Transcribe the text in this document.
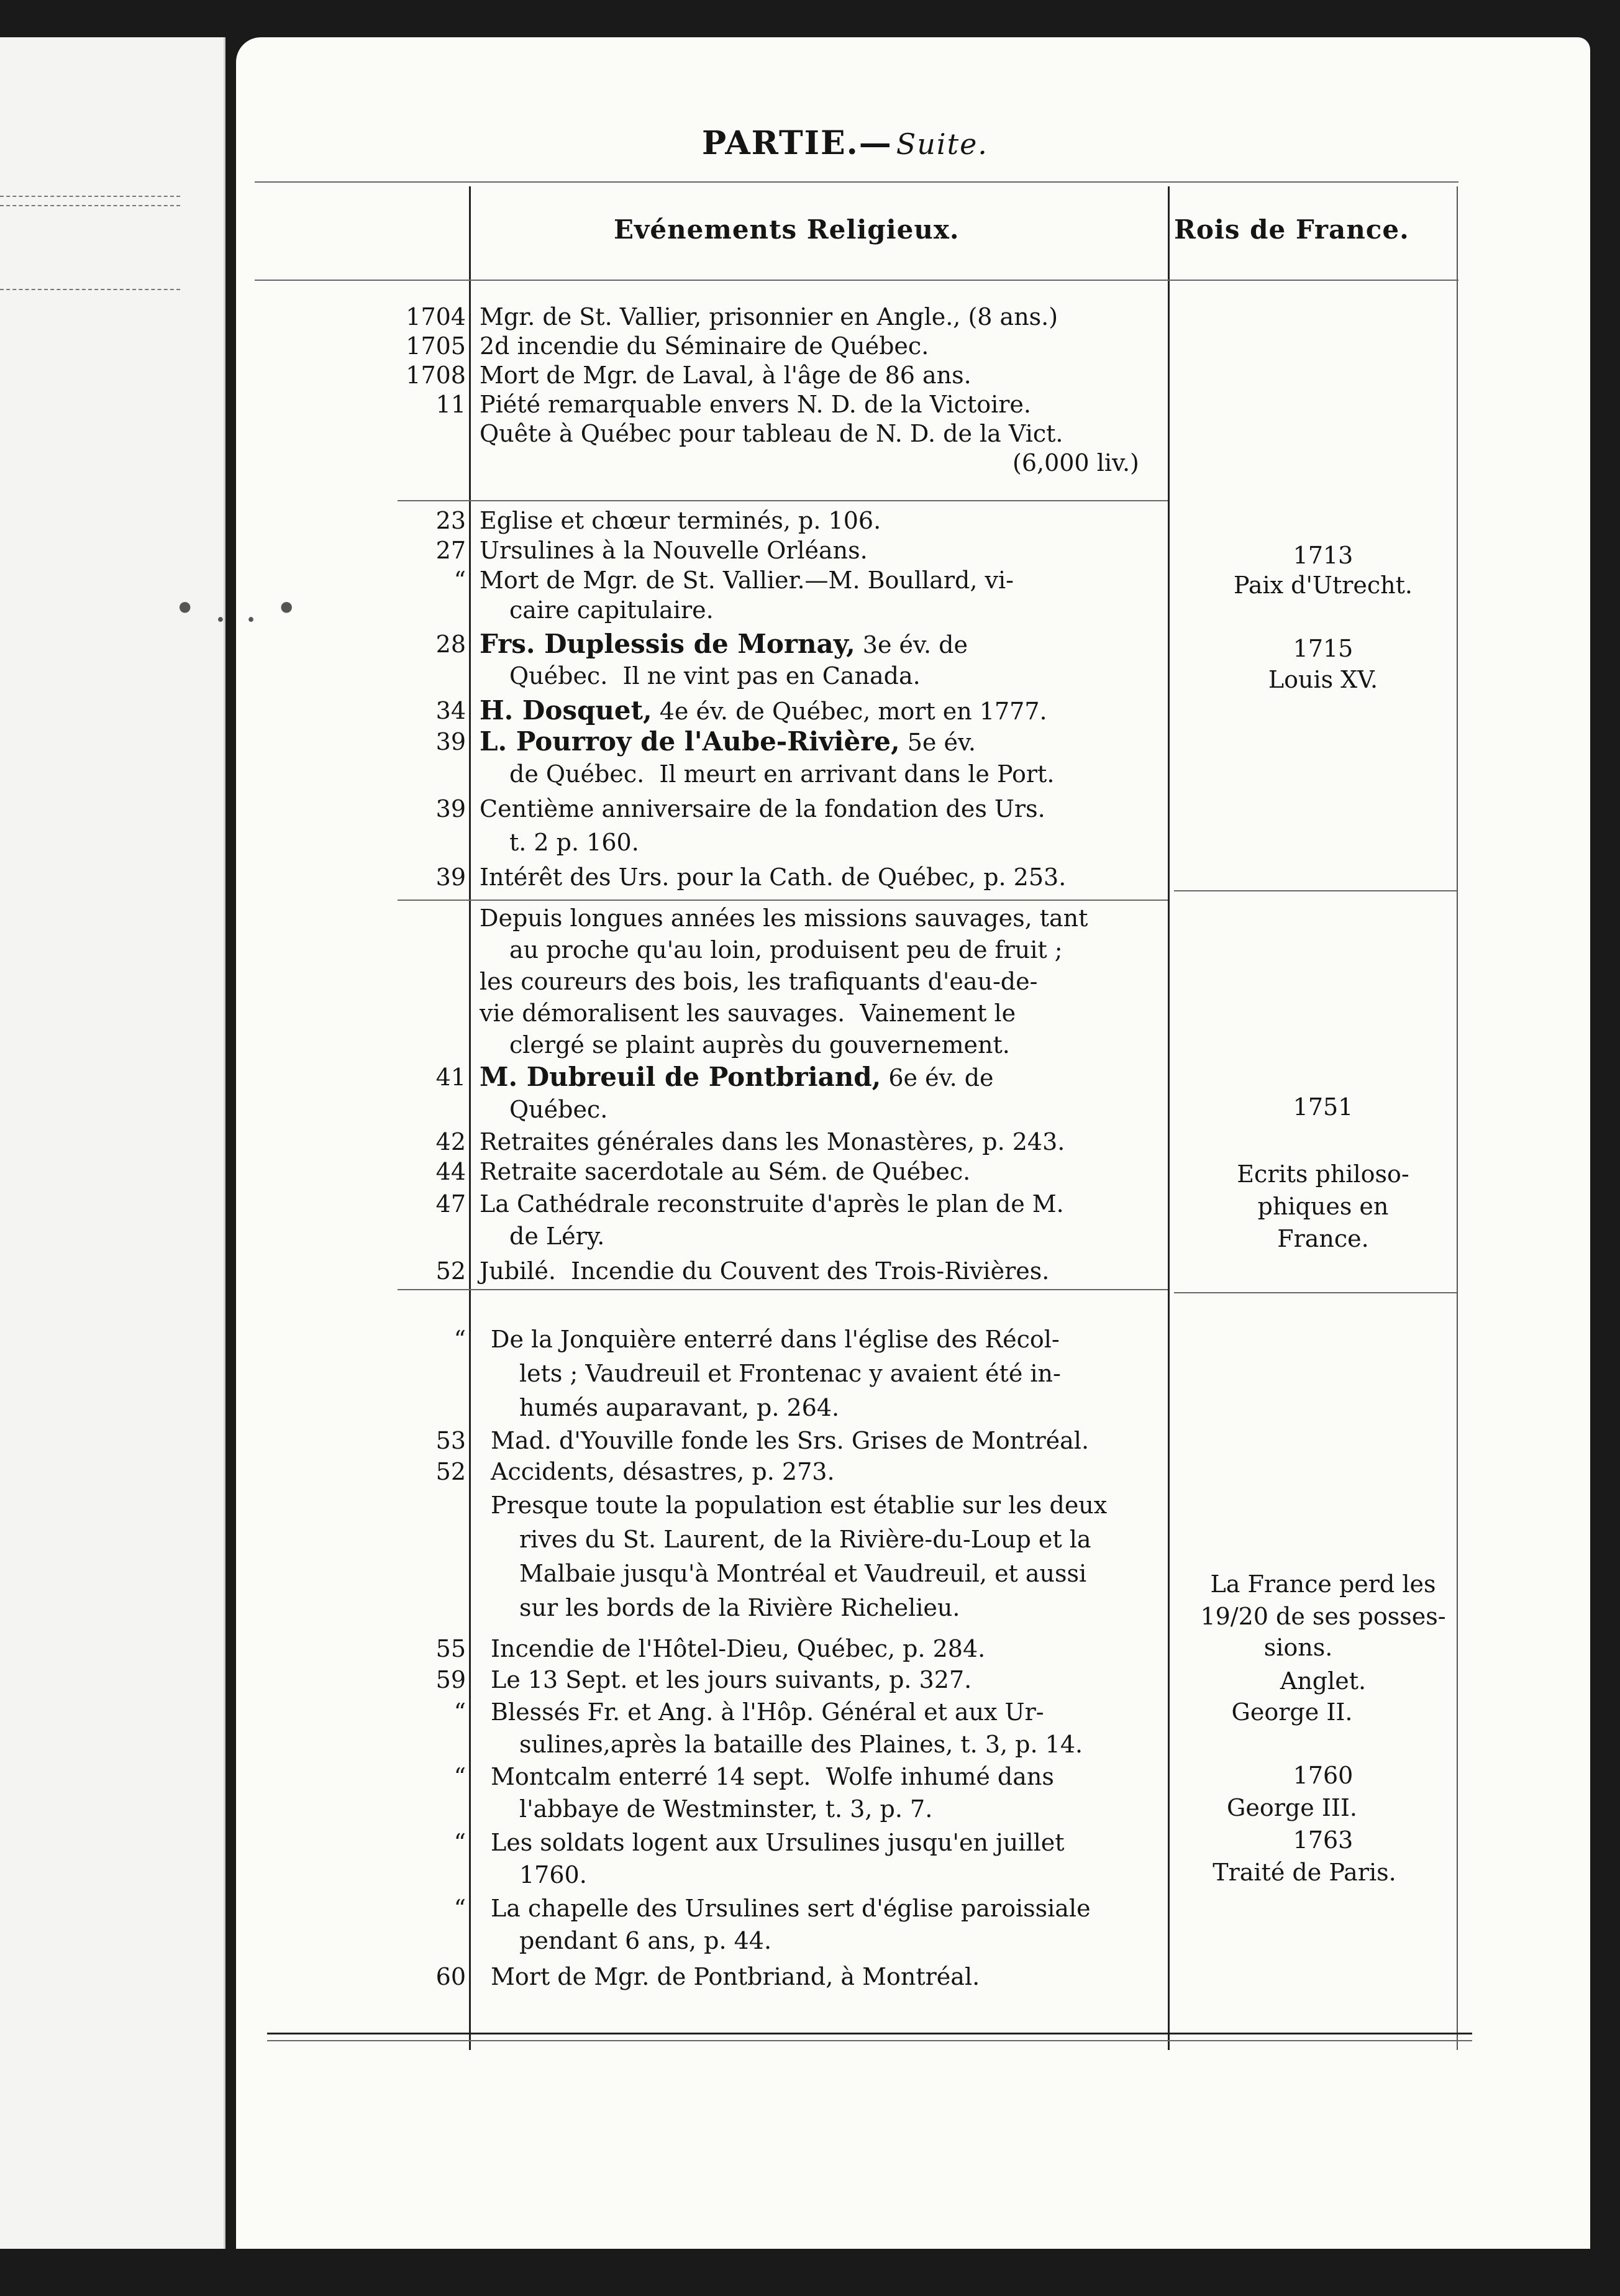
•..•
PARTIE.— Suite.
Evénements Religieux.	Rois de France.
1704
1705
1708
11
23
27
“
28
34
39
39
39
41
42
44
47
52
“
53
52
55
59
“
“
“
“
60
Mgr. de St. Vallier, prisonnier en Angle., (8 ans.)
2d incendie du Séminaire de Québec.
Mort de Mgr. de Laval, à l'âge de 86 ans.
Piété remarquable envers N. D. de la Victoire.
Quête à Québec pour tableau de N. D. de la Vict.
(6,000 liv.)
Eglise et chœur terminés, p. 106.
Ursulines à la Nouvelle Orléans.
Mort de Mgr. de St. Vallier.—M. Boullard, vi-
caire capitulaire.
Frs. Duplessis de Mornay, 3e év. de
Québec.  Il ne vint pas en Canada.
H. Dosquet, 4e év. de Québec, mort en 1777.
L. Pourroy de l'Aube-Rivière, 5e év.
de Québec.  Il meurt en arrivant dans le Port.
Centième anniversaire de la fondation des Urs.
t. 2 p. 160.
Intérêt des Urs. pour la Cath. de Québec, p. 253.
Depuis longues années les missions sauvages, tant
au proche qu'au loin, produisent peu de fruit ;
les coureurs des bois, les trafiquants d'eau-de-
vie démoralisent les sauvages.  Vainement le
clergé se plaint auprès du gouvernement.
M. Dubreuil de Pontbriand, 6e év. de
Québec.
Retraites générales dans les Monastères, p. 243.
Retraite sacerdotale au Sém. de Québec.
La Cathédrale reconstruite d'après le plan de M.
de Léry.
Jubilé.  Incendie du Couvent des Trois-Rivières.
De la Jonquière enterré dans l'église des Récol-
lets ; Vaudreuil et Frontenac y avaient été in-
humés auparavant, p. 264.
Mad. d'Youville fonde les Srs. Grises de Montréal.
Accidents, désastres, p. 273.
Presque toute la population est établie sur les deux
rives du St. Laurent, de la Rivière-du-Loup et la
Malbaie jusqu'à Montréal et Vaudreuil, et aussi
sur les bords de la Rivière Richelieu.
Incendie de l'Hôtel-Dieu, Québec, p. 284.
Le 13 Sept. et les jours suivants, p. 327.
Blessés Fr. et Ang. à l'Hôp. Général et aux Ur-
sulines,après la bataille des Plaines, t. 3, p. 14.
Montcalm enterré 14 sept.  Wolfe inhumé dans
l'abbaye de Westminster, t. 3, p. 7.
Les soldats logent aux Ursulines jusqu'en juillet
1760.
La chapelle des Ursulines sert d'église paroissiale
pendant 6 ans, p. 44.
Mort de Mgr. de Pontbriand, à Montréal.
1713
Paix d'Utrecht.
1715
Louis XV.
1751
Ecrits philoso-
phiques en
France.
La France perd les
19/20 de ses posses-
sions.
Anglet.
George II.
1760
George III.
1763
Traité de Paris.
